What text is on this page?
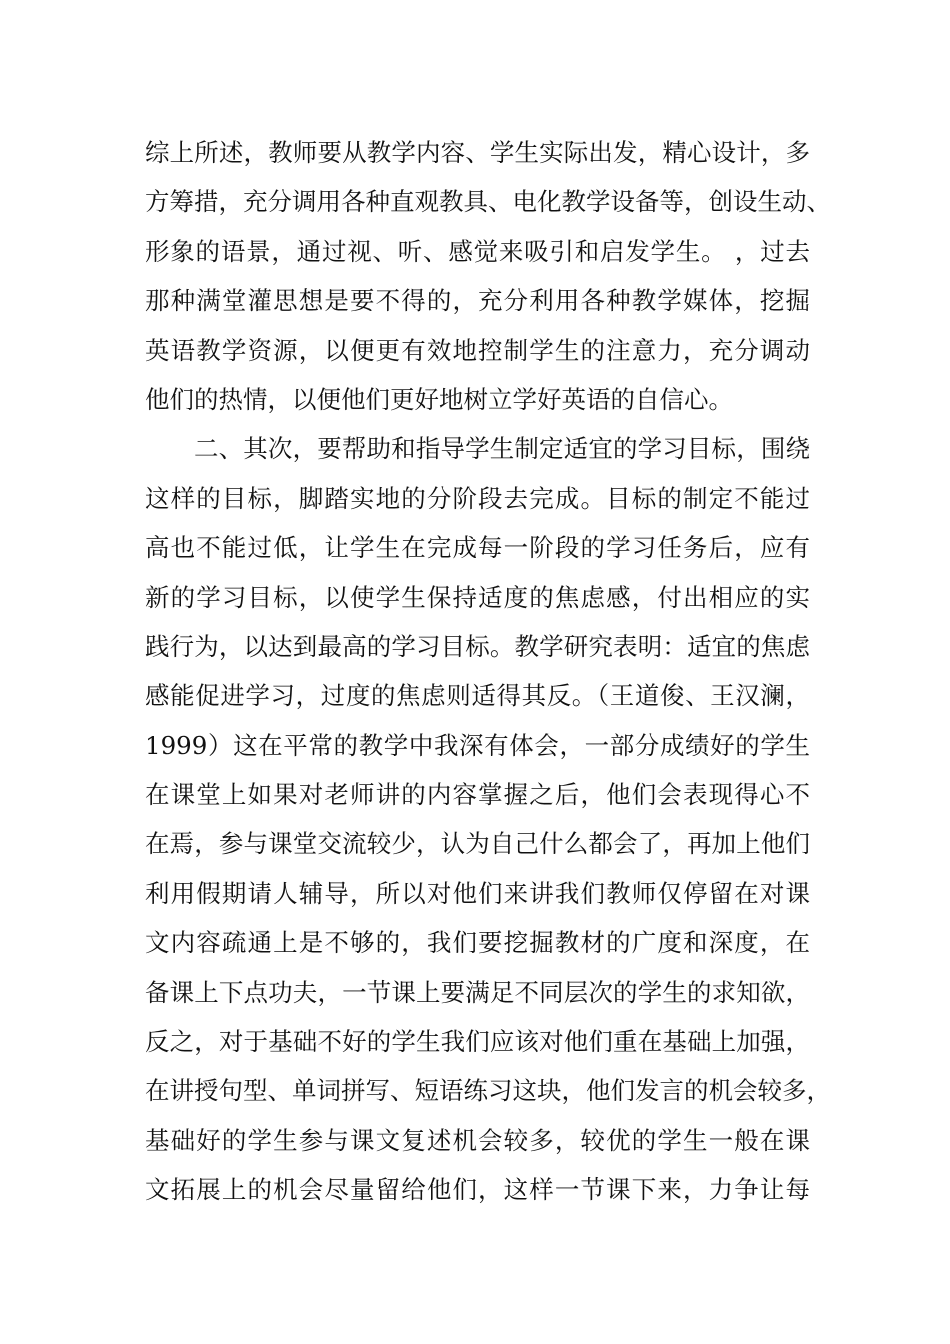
综上所述，教师要从教学内容、学生实际出发，精心设计，多
方筹措，充分调用各种直观教具、电化教学设备等，创设生动、
形象的语景，通过视、听、感觉来吸引和启发学生。 ，过去
那种满堂灌思想是要不得的，充分利用各种教学媒体，挖掘
英语教学资源，以便更有效地控制学生的注意力，充分调动
他们的热情，以便他们更好地树立学好英语的自信心。
二、其次，要帮助和指导学生制定适宜的学习目标，围绕
这样的目标，脚踏实地的分阶段去完成。目标的制定不能过
高也不能过低，让学生在完成每一阶段的学习任务后，应有
新的学习目标，以使学生保持适度的焦虑感，付出相应的实
践行为，以达到最高的学习目标。教学研究表明：适宜的焦虑
感能促进学习，过度的焦虑则适得其反。（王道俊、王汉澜，
1999）这在平常的教学中我深有体会，一部分成绩好的学生
在课堂上如果对老师讲的内容掌握之后，他们会表现得心不
在焉，参与课堂交流较少，认为自己什么都会了，再加上他们
利用假期请人辅导，所以对他们来讲我们教师仅停留在对课
文内容疏通上是不够的，我们要挖掘教材的广度和深度，在
备课上下点功夫，一节课上要满足不同层次的学生的求知欲，
反之，对于基础不好的学生我们应该对他们重在基础上加强，
在讲授句型、单词拼写、短语练习这块，他们发言的机会较多，
基础好的学生参与课文复述机会较多，较优的学生一般在课
文拓展上的机会尽量留给他们，这样一节课下来，力争让每
